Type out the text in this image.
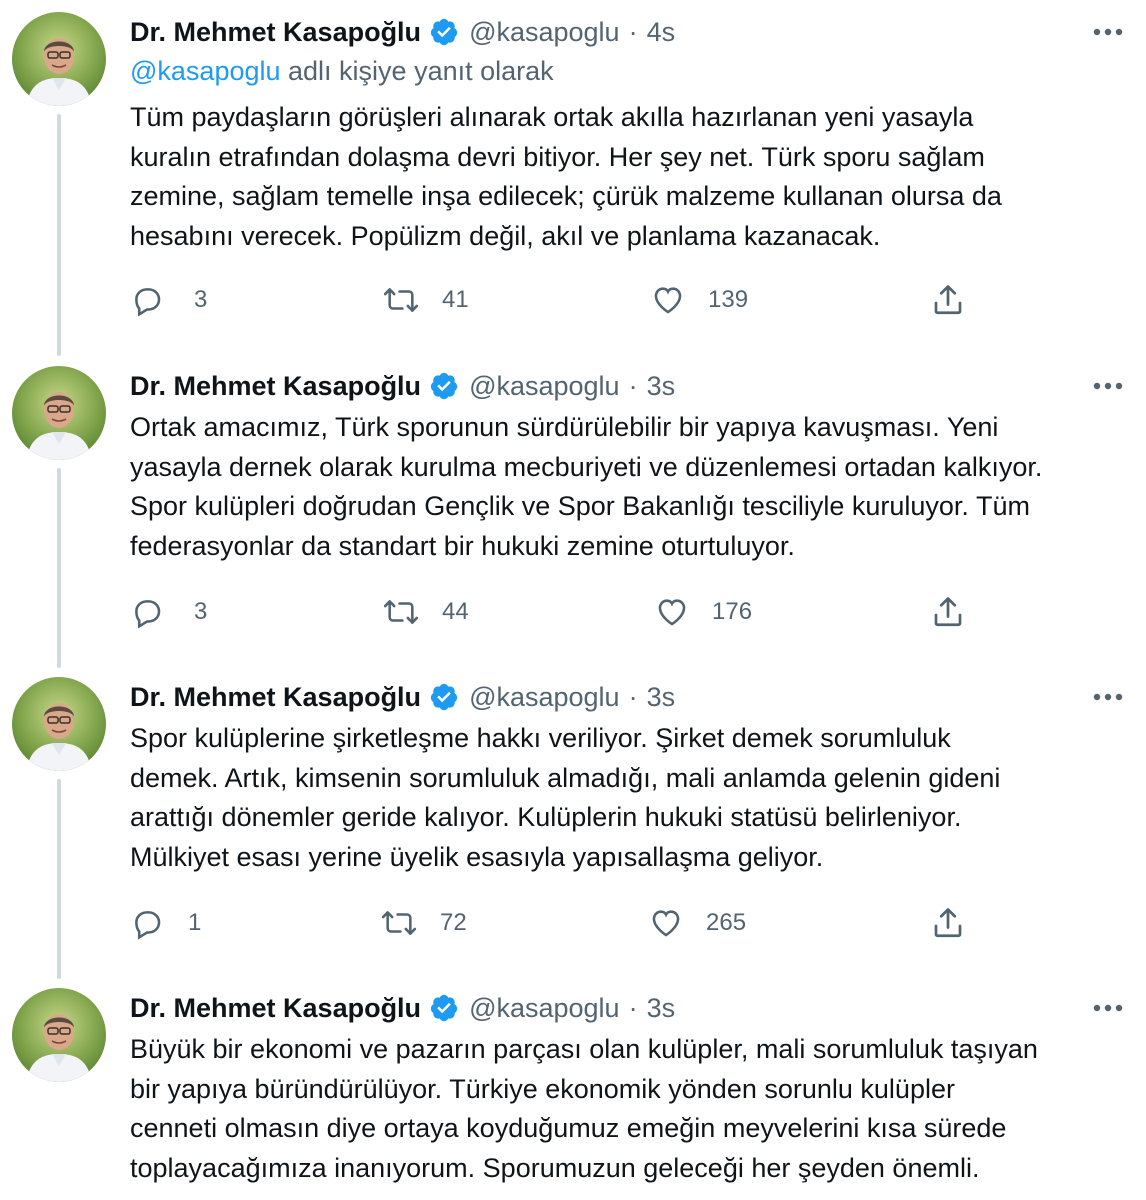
Dr. Mehmet Kasapoğlu @kasapoglu · 4s
@kasapoglu adlı kişiye yanıt olarak
Tüm paydaşların görüşleri alınarak ortak akılla hazırlanan yeni yasayla
kuralın etrafından dolaşma devri bitiyor. Her şey net. Türk sporu sağlam
zemine, sağlam temelle inşa edilecek; çürük malzeme kullanan olursa da
hesabını verecek. Popülizm değil, akıl ve planlama kazanacak.
3	41	139
Dr. Mehmet Kasapoğlu @kasapoglu · 3s
Ortak amacımız, Türk sporunun sürdürülebilir bir yapıya kavuşması. Yeni
yasayla dernek olarak kurulma mecburiyeti ve düzenlemesi ortadan kalkıyor.
Spor kulüpleri doğrudan Gençlik ve Spor Bakanlığı tesciliyle kuruluyor. Tüm
federasyonlar da standart bir hukuki zemine oturtuluyor.
3	44	176
Dr. Mehmet Kasapoğlu @kasapoglu · 3s
Spor kulüplerine şirketleşme hakkı veriliyor. Şirket demek sorumluluk
demek. Artık, kimsenin sorumluluk almadığı, mali anlamda gelenin gideni
arattığı dönemler geride kalıyor. Kulüplerin hukuki statüsü belirleniyor.
Mülkiyet esası yerine üyelik esasıyla yapısallaşma geliyor.
1	72	265
Dr. Mehmet Kasapoğlu @kasapoglu · 3s
Büyük bir ekonomi ve pazarın parçası olan kulüpler, mali sorumluluk taşıyan
bir yapıya büründürülüyor. Türkiye ekonomik yönden sorunlu kulüpler
cenneti olmasın diye ortaya koyduğumuz emeğin meyvelerini kısa sürede
toplayacağımıza inanıyorum. Sporumuzun geleceği her şeyden önemli.
